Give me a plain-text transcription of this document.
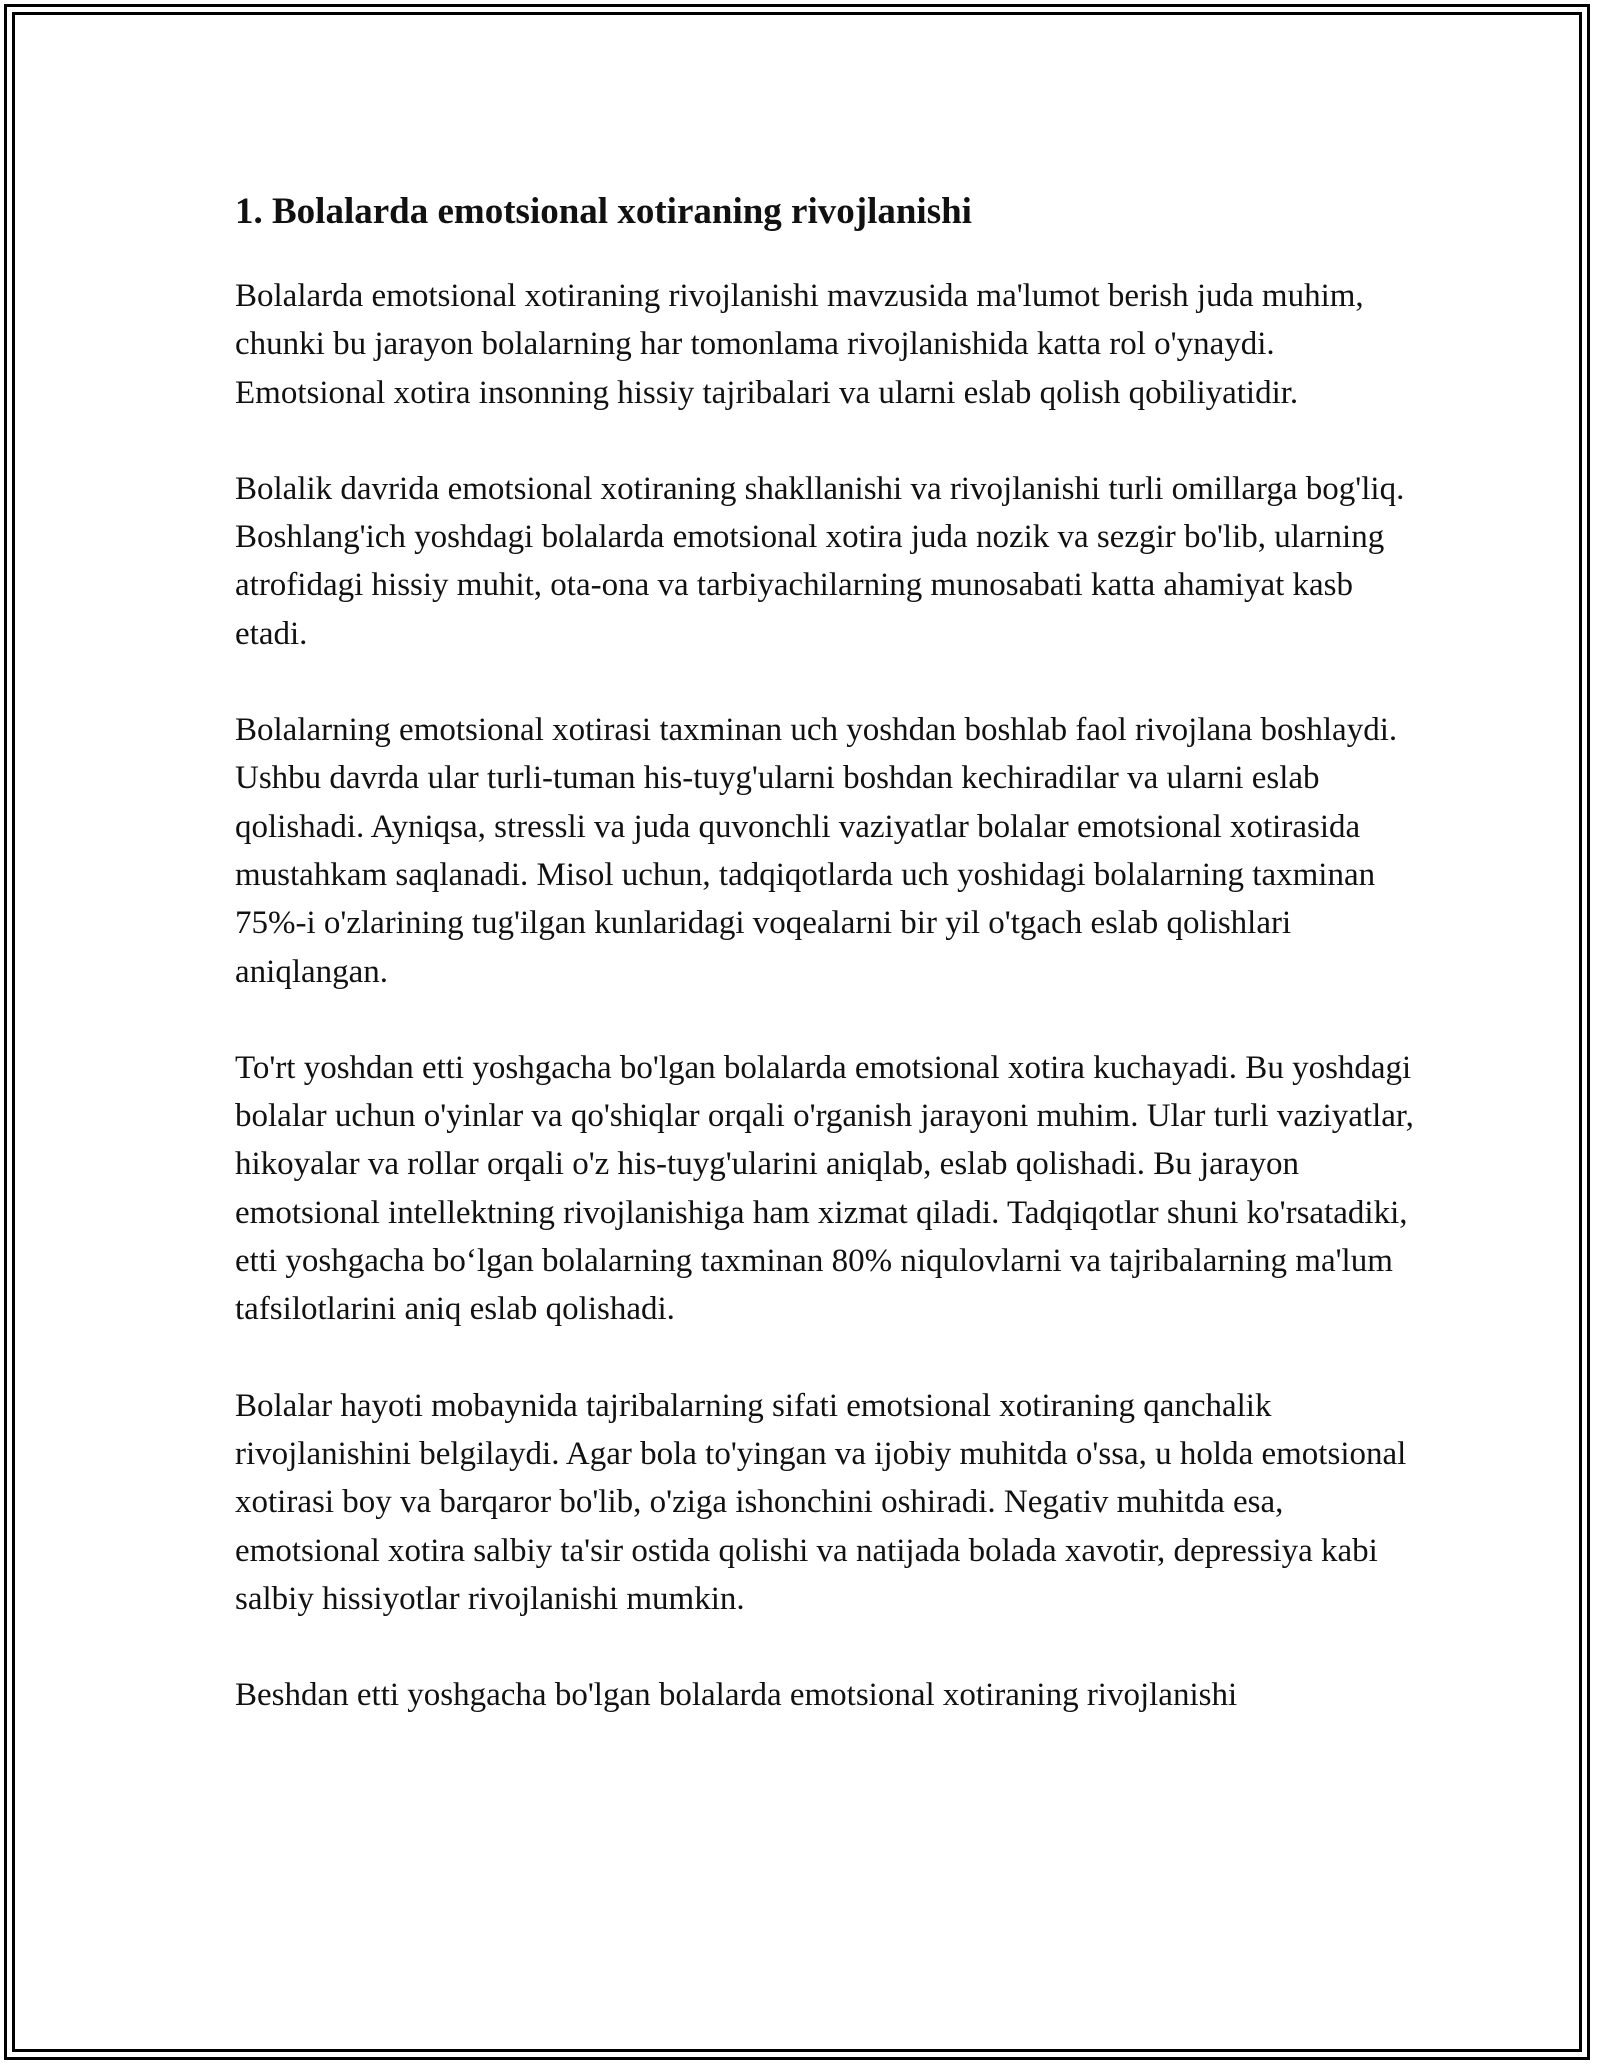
1. Bolalarda emotsional xotiraning rivojlanishi

Bolalarda emotsional xotiraning rivojlanishi mavzusida ma'lumot berish juda muhim, chunki bu jarayon bolalarning har tomonlama rivojlanishida katta rol o'ynaydi. Emotsional xotira insonning hissiy tajribalari va ularni eslab qolish qobiliyatidir.

Bolalik davrida emotsional xotiraning shakllanishi va rivojlanishi turli omillarga bog'liq. Boshlang'ich yoshdagi bolalarda emotsional xotira juda nozik va sezgir bo'lib, ularning atrofidagi hissiy muhit, ota-ona va tarbiyachilarning munosabati katta ahamiyat kasb etadi.

Bolalarning emotsional xotirasi taxminan uch yoshdan boshlab faol rivojlana boshlaydi. Ushbu davrda ular turli-tuman his-tuyg'ularni boshdan kechiradilar va ularni eslab qolishadi. Ayniqsa, stressli va juda quvonchli vaziyatlar bolalar emotsional xotirasida mustahkam saqlanadi. Misol uchun, tadqiqotlarda uch yoshidagi bolalarning taxminan 75%-i o'zlarining tug'ilgan kunlaridagi voqealarni bir yil o'tgach eslab qolishlari aniqlangan.

To'rt yoshdan etti yoshgacha bo'lgan bolalarda emotsional xotira kuchayadi. Bu yoshdagi bolalar uchun o'yinlar va qo'shiqlar orqali o'rganish jarayoni muhim. Ular turli vaziyatlar, hikoyalar va rollar orqali o'z his-tuyg'ularini aniqlab, eslab qolishadi. Bu jarayon emotsional intellektning rivojlanishiga ham xizmat qiladi. Tadqiqotlar shuni ko'rsatadiki, etti yoshgacha bo‘lgan bolalarning taxminan 80% niqulovlarni va tajribalarning ma'lum tafsilotlarini aniq eslab qolishadi.

Bolalar hayoti mobaynida tajribalarning sifati emotsional xotiraning qanchalik rivojlanishini belgilaydi. Agar bola to'yingan va ijobiy muhitda o'ssa, u holda emotsional xotirasi boy va barqaror bo'lib, o'ziga ishonchini oshiradi. Negativ muhitda esa, emotsional xotira salbiy ta'sir ostida qolishi va natijada bolada xavotir, depressiya kabi salbiy hissiyotlar rivojlanishi mumkin.

Beshdan etti yoshgacha bo'lgan bolalarda emotsional xotiraning rivojlanishi
